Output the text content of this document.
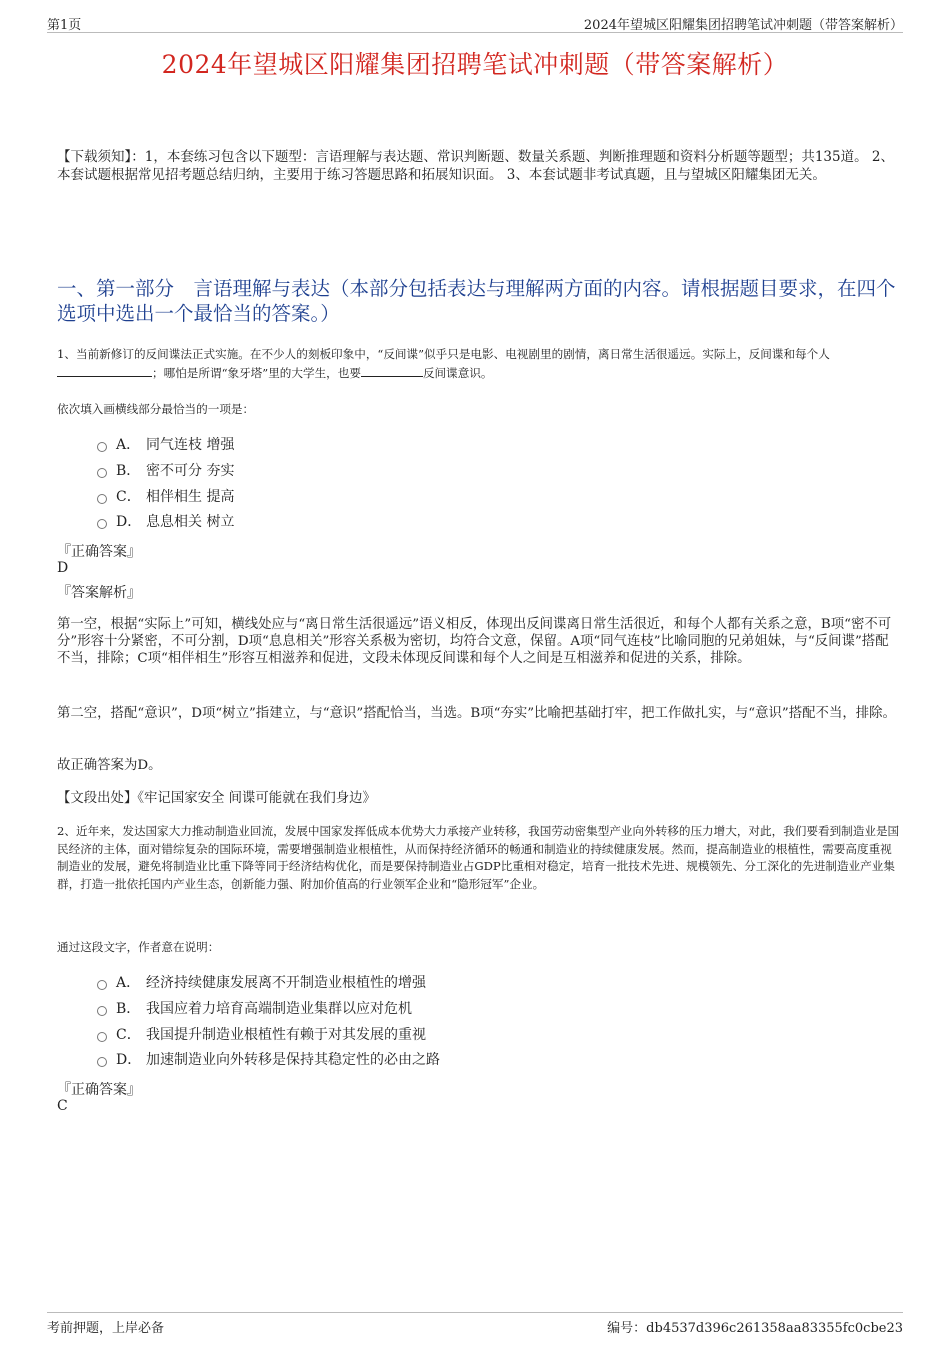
第1页	2024年望城区阳耀集团招聘笔试冲刺题（带答案解析）
2024年望城区阳耀集团招聘笔试冲刺题（带答案解析）
【下载须知】：1，本套练习包含以下题型：言语理解与表达题、常识判断题、数量关系题、判断推理题和资料分析题等题型；共135道。 2、本套试题根据常见招考题总结归纳，主要用于练习答题思路和拓展知识面。 3、本套试题非考试真题，且与望城区阳耀集团无关。
一、第一部分　言语理解与表达（本部分包括表达与理解两方面的内容。请根据题目要求，在四个选项中选出一个最恰当的答案。）
1、当前新修订的反间谍法正式实施。在不少人的刻板印象中，“反间谍”似乎只是电影、电视剧里的剧情，离日常生活很遥远。实际上，反间谍和每个人；哪怕是所谓“象牙塔”里的大学生，也要	反间谍意识。
依次填入画横线部分最恰当的一项是：
A． 同气连枝 增强
B． 密不可分 夯实
C． 相伴相生 提高
D． 息息相关 树立
『正确答案』
D
『答案解析』
第一空，根据“实际上”可知，横线处应与“离日常生活很遥远”语义相反，体现出反间谍离日常生活很近，和每个人都有关系之意，B项“密不可分”形容十分紧密，不可分割，D项“息息相关”形容关系极为密切，均符合文意，保留。A项“同气连枝”比喻同胞的兄弟姐妹，与“反间谍”搭配不当，排除；C项“相伴相生”形容互相滋养和促进，文段未体现反间谍和每个人之间是互相滋养和促进的关系，排除。
第二空，搭配“意识”，D项“树立”指建立，与“意识”搭配恰当，当选。B项“夯实”比喻把基础打牢，把工作做扎实，与“意识”搭配不当，排除。
故正确答案为D。
【文段出处】《牢记国家安全 间谍可能就在我们身边》
2、近年来，发达国家大力推动制造业回流，发展中国家发挥低成本优势大力承接产业转移，我国劳动密集型产业向外转移的压力增大，对此，我们要看到制造业是国民经济的主体，面对错综复杂的国际环境，需要增强制造业根植性，从而保持经济循环的畅通和制造业的持续健康发展。然而，提高制造业的根植性，需要高度重视制造业的发展，避免将制造业比重下降等同于经济结构优化，而是要保持制造业占GDP比重相对稳定，培育一批技术先进、规模领先、分工深化的先进制造业产业集群，打造一批依托国内产业生态，创新能力强、附加价值高的行业领军企业和“隐形冠军”企业。
通过这段文字，作者意在说明：
A． 经济持续健康发展离不开制造业根植性的增强
B． 我国应着力培育高端制造业集群以应对危机
C． 我国提升制造业根植性有赖于对其发展的重视
D． 加速制造业向外转移是保持其稳定性的必由之路
『正确答案』
C
考前押题，上岸必备	编号：db4537d396c261358aa83355fc0cbe23
